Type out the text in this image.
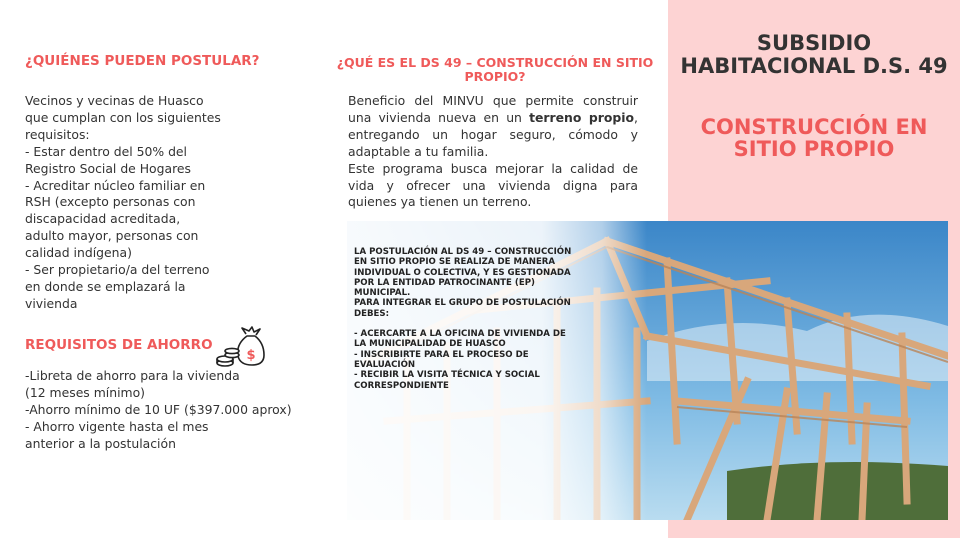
SUBSIDIO
HABITACIONAL D.S. 49
CONSTRUCCIÓN EN
SITIO PROPIO
¿QUIÉNES PUEDEN POSTULAR?
Vecinos y vecinas de Huasco
que cumplan con los siguientes
requisitos:
- Estar dentro del 50% del
Registro Social de Hogares
- Acreditar núcleo familiar en
RSH (excepto personas con
discapacidad acreditada,
adulto mayor, personas con
calidad indígena)
- Ser propietario/a del terreno
en donde se emplazará la
vivienda
REQUISITOS DE AHORRO
$
-Libreta de ahorro para la vivienda
(12 meses mínimo)
-Ahorro mínimo de 10 UF ($397.000 aprox)
- Ahorro vigente hasta el mes
anterior a la postulación
¿QUÉ ES EL DS 49 – CONSTRUCCIÓN EN SITIO
PROPIO?

Beneficio del MINVU que permite construir una vivienda nueva en un terreno propio, entregando un hogar seguro, cómodo y adaptable a tu familia.

Este programa busca mejorar la calidad de vida y ofrecer una vivienda digna para quienes ya tienen un terreno.

LA POSTULACIÓN AL DS 49 – CONSTRUCCIÓN
EN SITIO PROPIO SE REALIZA DE MANERA
INDIVIDUAL O COLECTIVA, Y ES GESTIONADA
POR LA ENTIDAD PATROCINANTE (EP)
MUNICIPAL.
PARA INTEGRAR EL GRUPO DE POSTULACIÓN
DEBES:
- ACERCARTE A LA OFICINA DE VIVIENDA DE
LA MUNICIPALIDAD DE HUASCO
- INSCRIBIRTE PARA EL PROCESO DE
EVALUACIÓN
- RECIBIR LA VISITA TÉCNICA Y SOCIAL
CORRESPONDIENTE
